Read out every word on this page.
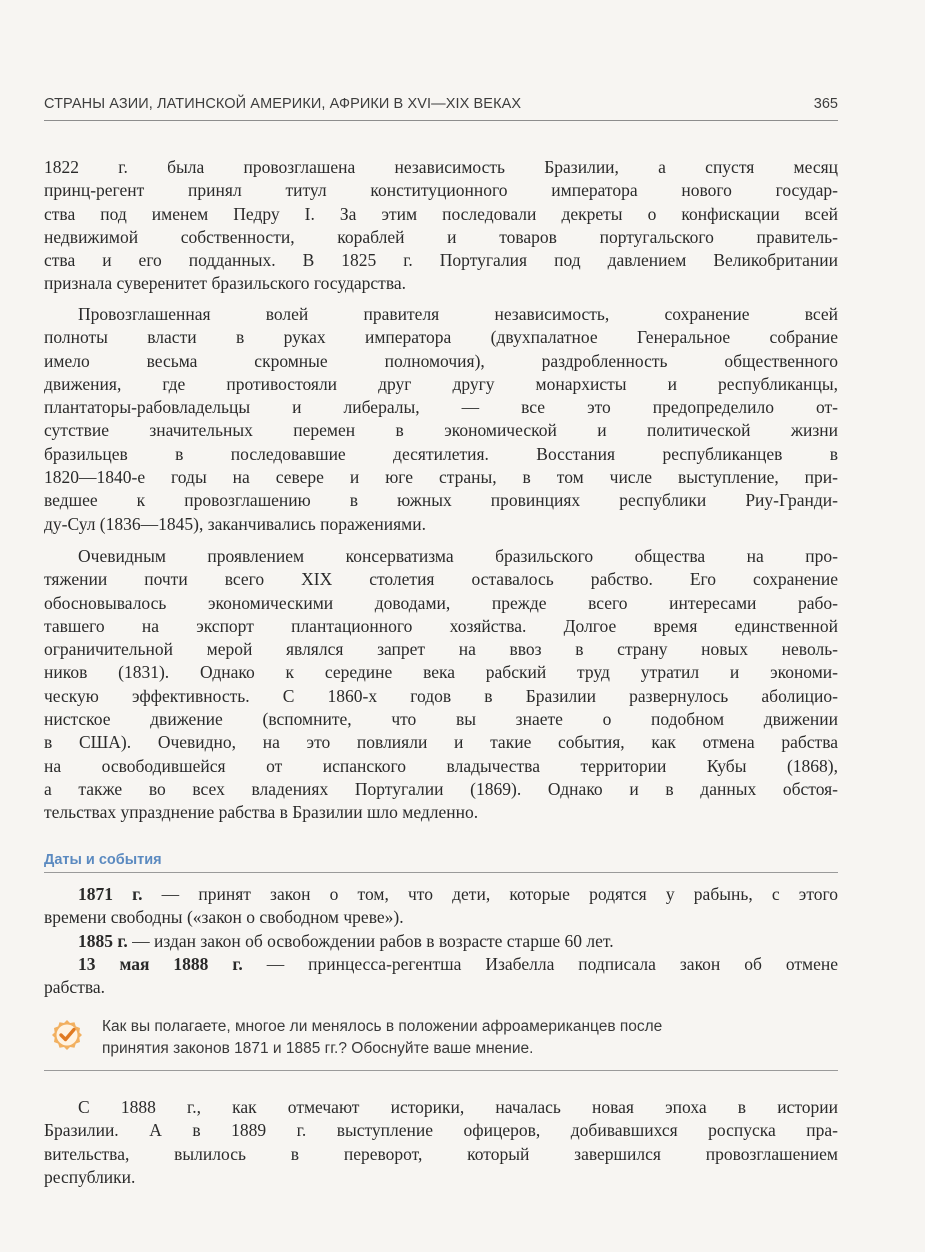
СТРАНЫ АЗИИ, ЛАТИНСКОЙ АМЕРИКИ, АФРИКИ В XVI—XIX ВЕКАХ	365

1822 г. была провозглашена независимость Бразилии, а спустя месяц

принц-регент принял титул конституционного императора нового государ-

ства под именем Педру I. За этим последовали декреты о конфискации всей

недвижимой собственности, кораблей и товаров португальского правитель-

ства и его подданных. В 1825 г. Португалия под давлением Великобритании

признала суверенитет бразильского государства.

Провозглашенная волей правителя независимость, сохранение всей

полноты власти в руках императора (двухпалатное Генеральное собрание

имело весьма скромные полномочия), раздробленность общественного

движения, где противостояли друг другу монархисты и республиканцы,

плантаторы-рабовладельцы и либералы, — все это предопределило от-

сутствие значительных перемен в экономической и политической жизни

бразильцев в последовавшие десятилетия. Восстания республиканцев в

1820—1840-е годы на севере и юге страны, в том числе выступление, при-

ведшее к провозглашению в южных провинциях республики Риу-Гранди-

ду-Сул (1836—1845), заканчивались поражениями.

Очевидным проявлением консерватизма бразильского общества на про-

тяжении почти всего XIX столетия оставалось рабство. Его сохранение

обосновывалось экономическими доводами, прежде всего интересами рабо-

тавшего на экспорт плантационного хозяйства. Долгое время единственной

ограничительной мерой являлся запрет на ввоз в страну новых неволь-

ников (1831). Однако к середине века рабский труд утратил и экономи-

ческую эффективность. С 1860-х годов в Бразилии развернулось аболицио-

нистское движение (вспомните, что вы знаете о подобном движении

в США). Очевидно, на это повлияли и такие события, как отмена рабства

на освободившейся от испанского владычества территории Кубы (1868),

а также во всех владениях Португалии (1869). Однако и в данных обстоя-

тельствах упразднение рабства в Бразилии шло медленно.

Даты и события

1871 г. — принят закон о том, что дети, которые родятся у рабынь, с этого

времени свободны («закон о свободном чреве»).

1885 г. — издан закон об освобождении рабов в возрасте старше 60 лет.

13 мая 1888 г. — принцесса-регентша Изабелла подписала закон об отмене

рабства.

Как вы полагаете, многое ли менялось в положении афроамериканцев после
принятия законов 1871 и 1885 гг.? Обоснуйте ваше мнение.

С 1888 г., как отмечают историки, началась новая эпоха в истории

Бразилии. А в 1889 г. выступление офицеров, добивавшихся роспуска пра-

вительства, вылилось в переворот, который завершился провозглашением

республики.
